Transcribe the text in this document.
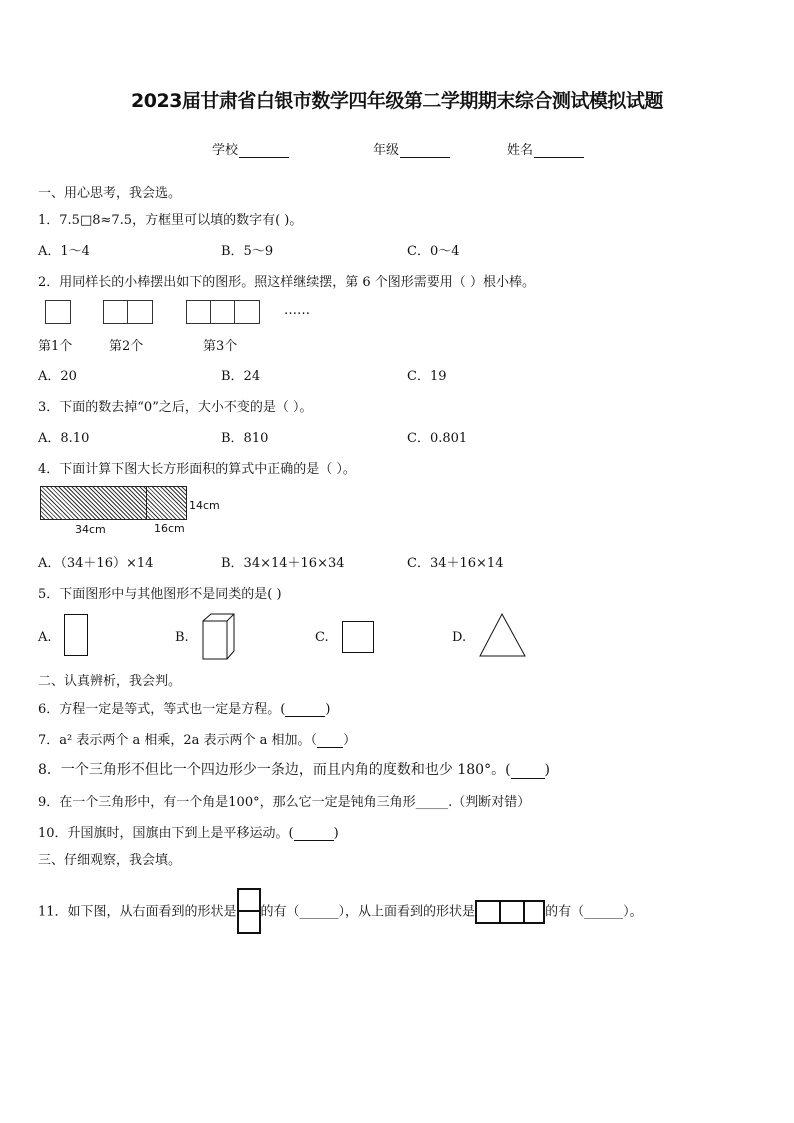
2023届甘肃省白银市数学四年级第二学期期末综合测试模拟试题
学校	年级	姓名
一、用心思考，我会选。
1．7.5□8≈7.5，方框里可以填的数字有( )。
A．1～4	B．5～9	C．0～4
2．用同样长的小棒摆出如下的图形。照这样继续摆，第 6 个图形需要用（ ）根小棒。
……
第1个	第2个	第3个
A．20	B．24	C．19
3．下面的数去掉“0”之后，大小不变的是（ ）。
A．8.10	B．810	C．0.801
4．下面计算下图大长方形面积的算式中正确的是（ ）。
14cm
34cm	16cm
A．（34＋16）×14	B．34×14＋16×34	C．34＋16×14
5．下面图形中与其他图形不是同类的是( )
A.	B.	C.	D.
二、认真辨析，我会判。
6．方程一定是等式，等式也一定是方程。(	)
7．a² 表示两个 a 相乘，2a 表示两个 a 相加。（ ）
8．一个三角形不但比一个四边形少一条边，而且内角的度数和也少 180°。( )
9．在一个三角形中，有一个角是100°，那么它一定是钝角三角形_____.（判断对错）
10．升国旗时，国旗由下到上是平移运动。(	)
三、仔细观察，我会填。
11．如下图，从右面看到的形状是 的有（______），从上面看到的形状是	的有（______）。
